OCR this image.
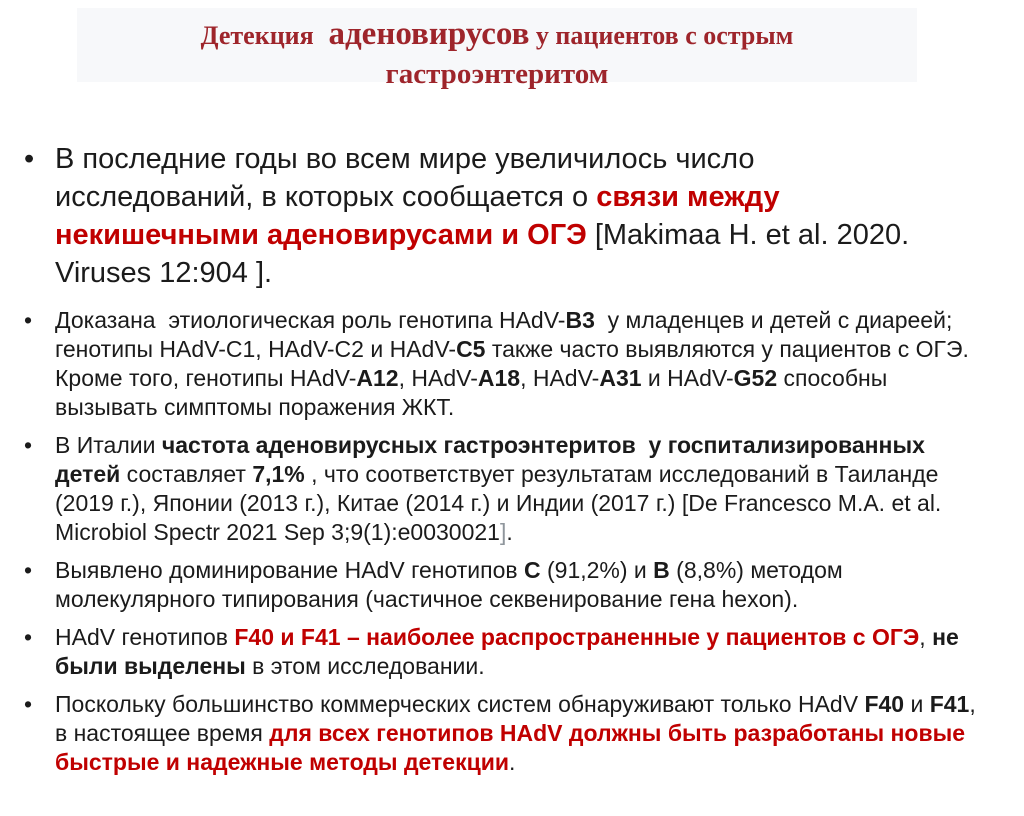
Детекция  аденовирусов у пациентов с острым
гастроэнтеритом
• В последние годы во всем мире увеличилось число исследований, в которых сообщается о связи между некишечными аденовирусами и ОГЭ [Makimaa H. et al. 2020. Viruses 12:904 ].
• Доказана  этиологическая роль генотипа HAdV-B3  у младенцев и детей с диареей; генотипы HAdV-C1, HAdV-C2 и HAdV-C5 также часто выявляются у пациентов с ОГЭ.  Кроме того, генотипы HAdV-A12, HAdV-A18, HAdV-A31 и HAdV-G52 способны вызывать симптомы поражения ЖКТ.
• В Италии частота аденовирусных гастроэнтеритов  у госпитализированных детей составляет 7,1% , что соответствует результатам исследований в Таиланде (2019 г.), Японии (2013 г.), Китае (2014 г.) и Индии (2017 г.) [De Francesco M.A. et al. Microbiol Spectr 2021 Sep 3;9(1):e0030021].
• Выявлено доминирование HAdV генотипов С (91,2%) и В (8,8%) методом молекулярного типирования (частичное секвенирование гена hexon).
• HAdV генотипов F40 и F41 – наиболее распространенные у пациентов с ОГЭ, не были выделены в этом исследовании.
• Поскольку большинство коммерческих систем обнаруживают только HAdV F40 и F41, в настоящее время для всех генотипов HAdV должны быть разработаны новые быстрые и надежные методы детекции.
